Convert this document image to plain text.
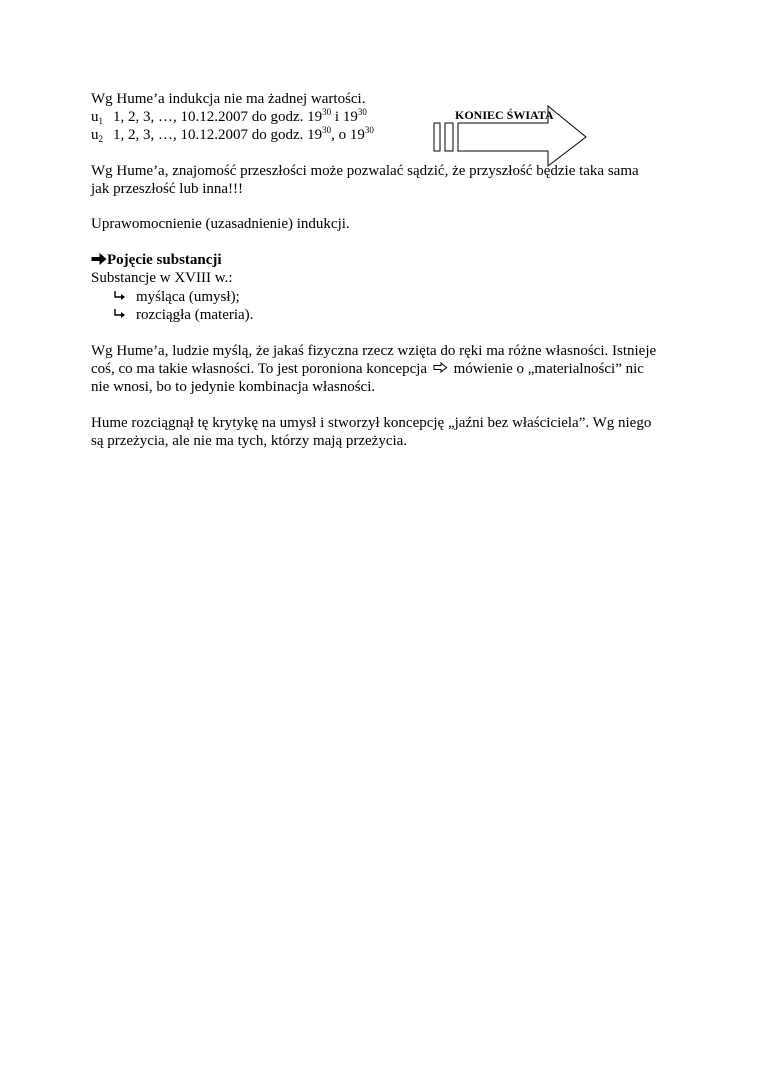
KONIEC ŚWIATA
Wg Hume’a indukcja nie ma żadnej wartości.
$u_1$ 1, 2, 3, …, 10.12.2007 do godz. $19^{30}$ i $19^{30}$
$u_2$ 1, 2, 3, …, 10.12.2007 do godz. $19^{30}$, o $19^{30}$
Wg Hume’a, znajomość przeszłości może pozwalać sądzić, że przyszłość będzie taka sama
jak przeszłość lub inna!!!
Uprawomocnienie (uzasadnienie) indukcji.
Pojęcie substancji
Substancje w XVIII w.:
myśląca (umysł);
rozciągła (materia).
Wg Hume’a, ludzie myślą, że jakaś fizyczna rzecz wzięta do ręki ma różne własności. Istnieje
coś, co ma takie własności. To jest poroniona koncepcja mówienie o „materialności” nic
nie wnosi, bo to jedynie kombinacja własności.
Hume rozciągnął tę krytykę na umysł i stworzył koncepcję „jaźni bez właściciela”. Wg niego
są przeżycia, ale nie ma tych, którzy mają przeżycia.
